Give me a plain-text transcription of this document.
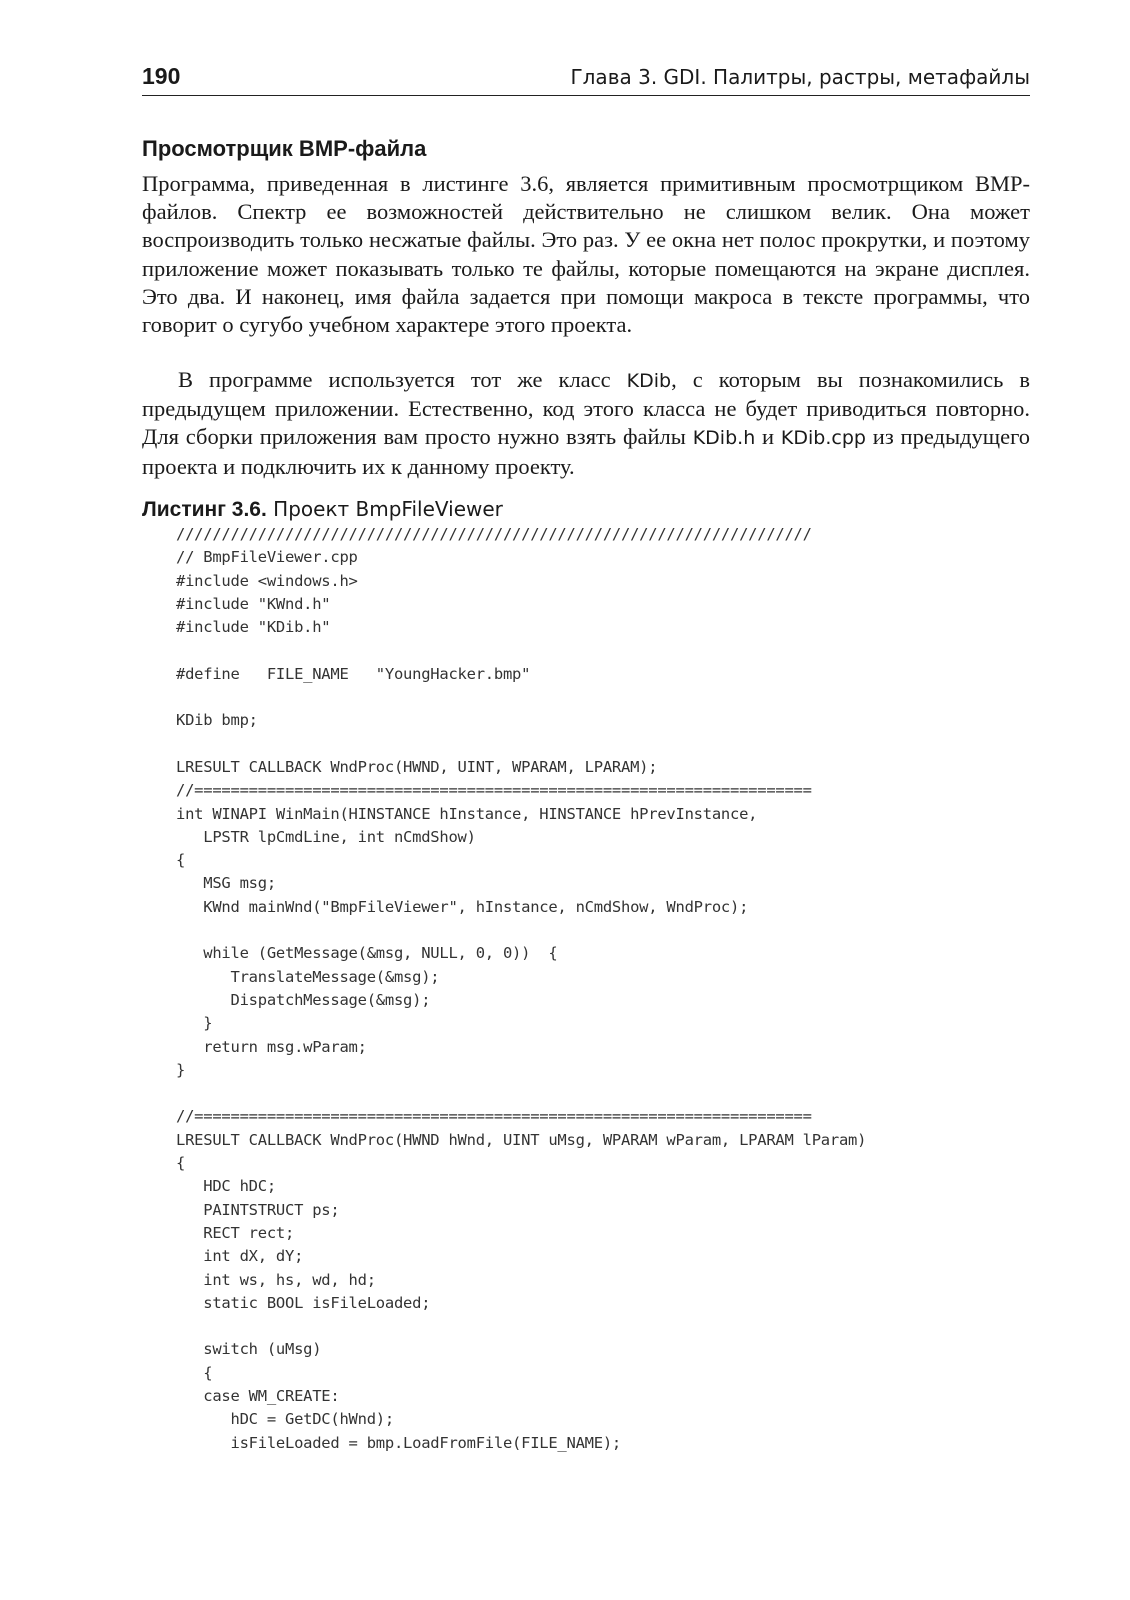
190	Глава 3. GDI. Палитры, растры, метафайлы
Просмотрщик BMP-файла

Программа, приведенная в листинге 3.6, является примитивным просмотрщиком BMP-файлов. Спектр ее возможностей действительно не слишком велик. Она может воспроизводить только несжатые файлы. Это раз. У ее окна нет полос прокрутки, и поэтому приложение может показывать только те файлы, которые помещаются на экране дисплея. Это два. И наконец, имя файла задается при помощи макроса в тексте программы, что говорит о сугубо учебном характере этого проекта.

В программе используется тот же класс KDib, с которым вы познакомились в предыдущем приложении. Естественно, код этого класса не будет приводиться повторно. Для сборки приложения вам просто нужно взять файлы KDib.h и KDib.cpp из предыдущего проекта и подключить их к данному проекту.

Листинг 3.6. Проект BmpFileViewer
//////////////////////////////////////////////////////////////////////
// BmpFileViewer.cpp
#include <windows.h>
#include "KWnd.h"
#include "KDib.h"
#define   FILE_NAME   "YoungHacker.bmp"
KDib bmp;
LRESULT CALLBACK WndProc(HWND, UINT, WPARAM, LPARAM);
//====================================================================
int WINAPI WinMain(HINSTANCE hInstance, HINSTANCE hPrevInstance,
LPSTR lpCmdLine, int nCmdShow)
{
MSG msg;
KWnd mainWnd("BmpFileViewer", hInstance, nCmdShow, WndProc);
while (GetMessage(&msg, NULL, 0, 0))  {
TranslateMessage(&msg);
DispatchMessage(&msg);
}
return msg.wParam;
}
//====================================================================
LRESULT CALLBACK WndProc(HWND hWnd, UINT uMsg, WPARAM wParam, LPARAM lParam)
{
HDC hDC;
PAINTSTRUCT ps;
RECT rect;
int dX, dY;
int ws, hs, wd, hd;
static BOOL isFileLoaded;
switch (uMsg)
{
case WM_CREATE:
hDC = GetDC(hWnd);
isFileLoaded = bmp.LoadFromFile(FILE_NAME);
